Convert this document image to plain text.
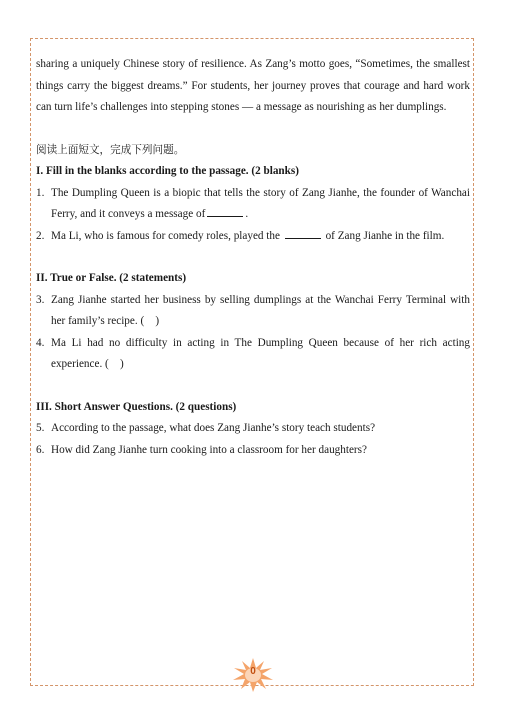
sharing a uniquely Chinese story of resilience. As Zang’s motto goes, “Sometimes, the smallest things carry the biggest dreams.” For students, her journey proves that courage and hard work can turn life’s challenges into stepping stones — a message as nourishing as her dumplings.

阅读上面短文，完成下列问题。

I. Fill in the blanks according to the passage. (2 blanks)

1. The Dumpling Queen is a biopic that tells the story of Zang Jianhe, the founder of Wanchai Ferry, and it conveys a message of	.

2. Ma Li, who is famous for comedy roles, played the	of Zang Jianhe in the film.

II. True or False. (2 statements)

3. Zang Jianhe started her business by selling dumplings at the Wanchai Ferry Terminal with her family’s recipe. (    )

4. Ma Li had no difficulty in acting in The Dumpling Queen because of her rich acting experience. (    )

III. Short Answer Questions. (2 questions)

5. According to the passage, what does Zang Jianhe’s story teach students?

6. How did Zang Jianhe turn cooking into a classroom for her daughters?

0
